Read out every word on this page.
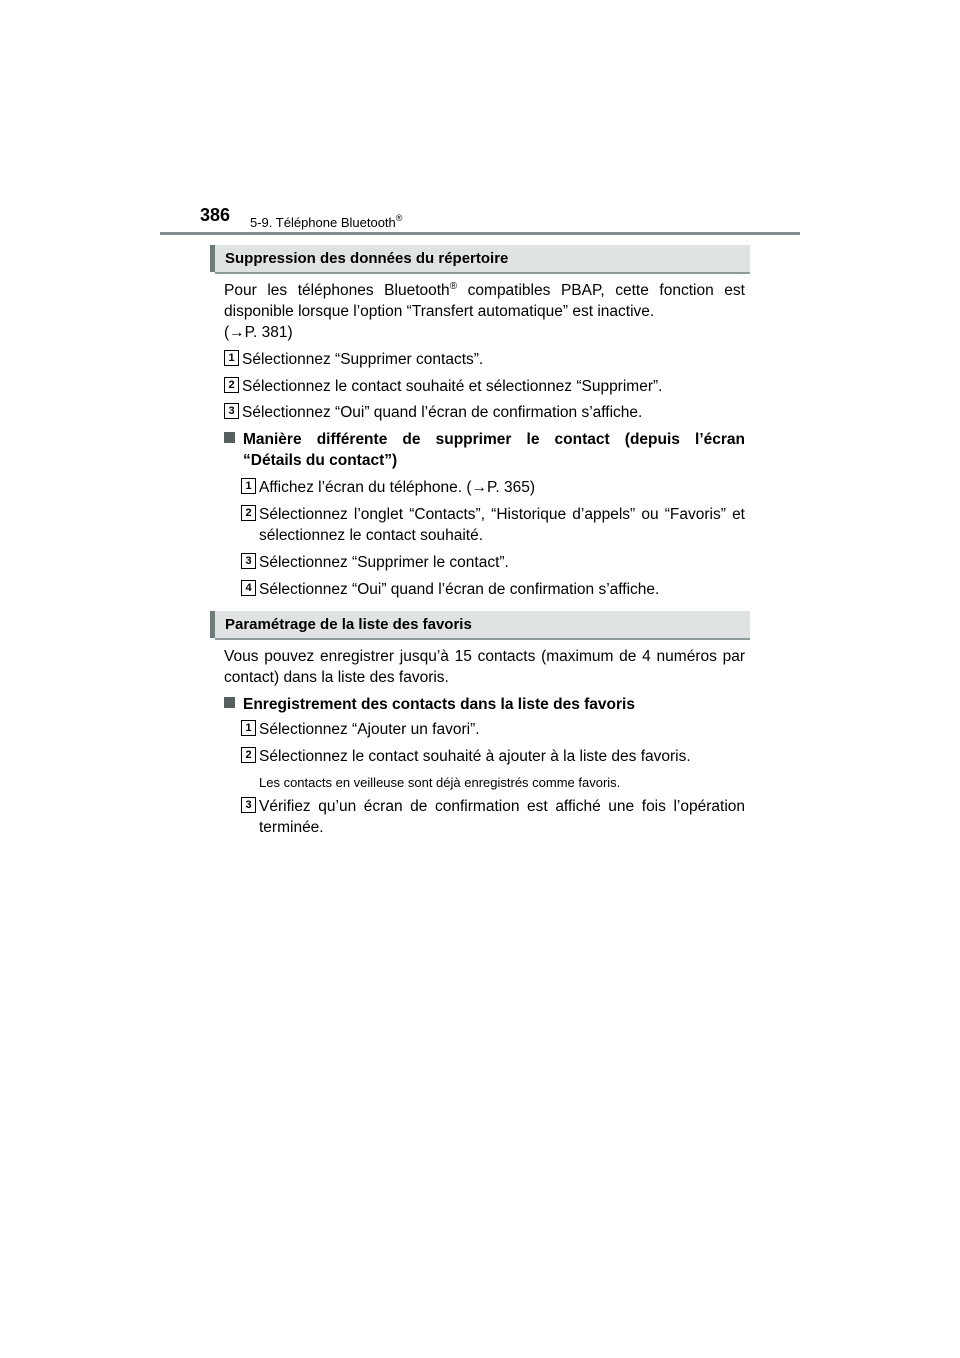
386 5-9. Téléphone Bluetooth®
Suppression des données du répertoire
Pour les téléphones Bluetooth® compatibles PBAP, cette fonction est disponible lorsque l’option “Transfert automatique” est inactive.
(→P. 381)
1 Sélectionnez “Supprimer contacts”.
2 Sélectionnez le contact souhaité et sélectionnez “Supprimer”.
3 Sélectionnez “Oui” quand l’écran de confirmation s’affiche.
Manière différente de supprimer le contact (depuis l’écran
“Détails du contact”)
1 Affichez l’écran du téléphone. (→P. 365)
2 Sélectionnez l’onglet “Contacts”, “Historique d’appels” ou “Favoris” et sélectionnez le contact souhaité.
3 Sélectionnez “Supprimer le contact”.
4 Sélectionnez “Oui” quand l’écran de confirmation s’affiche.
Paramétrage de la liste des favoris
Vous pouvez enregistrer jusqu’à 15 contacts (maximum de 4 numéros par contact) dans la liste des favoris.
Enregistrement des contacts dans la liste des favoris
1 Sélectionnez “Ajouter un favori”.
2 Sélectionnez le contact souhaité à ajouter à la liste des favoris.
Les contacts en veilleuse sont déjà enregistrés comme favoris.
3 Vérifiez qu’un écran de confirmation est affiché une fois l’opération terminée.
